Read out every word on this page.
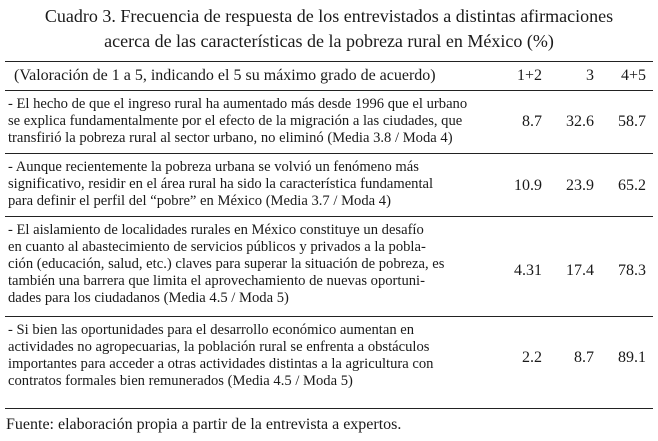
Cuadro 3. Frecuencia de respuesta de los entrevistados a distintas afirmaciones
acerca de las características de la pobreza rural en México (%)
(Valoración de 1 a 5, indicando el 5 su máximo grado de acuerdo)	1+2	3	4+5
- El hecho de que el ingreso rural ha aumentado más desde 1996 que el urbano
se explica fundamentalmente por el efecto de la migración a las ciudades, que
transfirió la pobreza rural al sector urbano, no eliminó (Media 3.8 / Moda 4)
8.7	32.6	58.7
- Aunque recientemente la pobreza urbana se volvió un fenómeno más
significativo, residir en el área rural ha sido la característica fundamental
para definir el perfil del “pobre” en México (Media 3.7 / Moda 4)
10.9	23.9	65.2
- El aislamiento de localidades rurales en México constituye un desafío
en cuanto al abastecimiento de servicios públicos y privados a la pobla-
ción (educación, salud, etc.) claves para superar la situación de pobreza, es
también una barrera que limita el aprovechamiento de nuevas oportuni-
dades para los ciudadanos (Media 4.5 / Moda 5)
4.31	17.4	78.3
- Si bien las oportunidades para el desarrollo económico aumentan en
actividades no agropecuarias, la población rural se enfrenta a obstáculos
importantes para acceder a otras actividades distintas a la agricultura con
contratos formales bien remunerados (Media 4.5 / Moda 5)
2.2	8.7	89.1
Fuente: elaboración propia a partir de la entrevista a expertos.
